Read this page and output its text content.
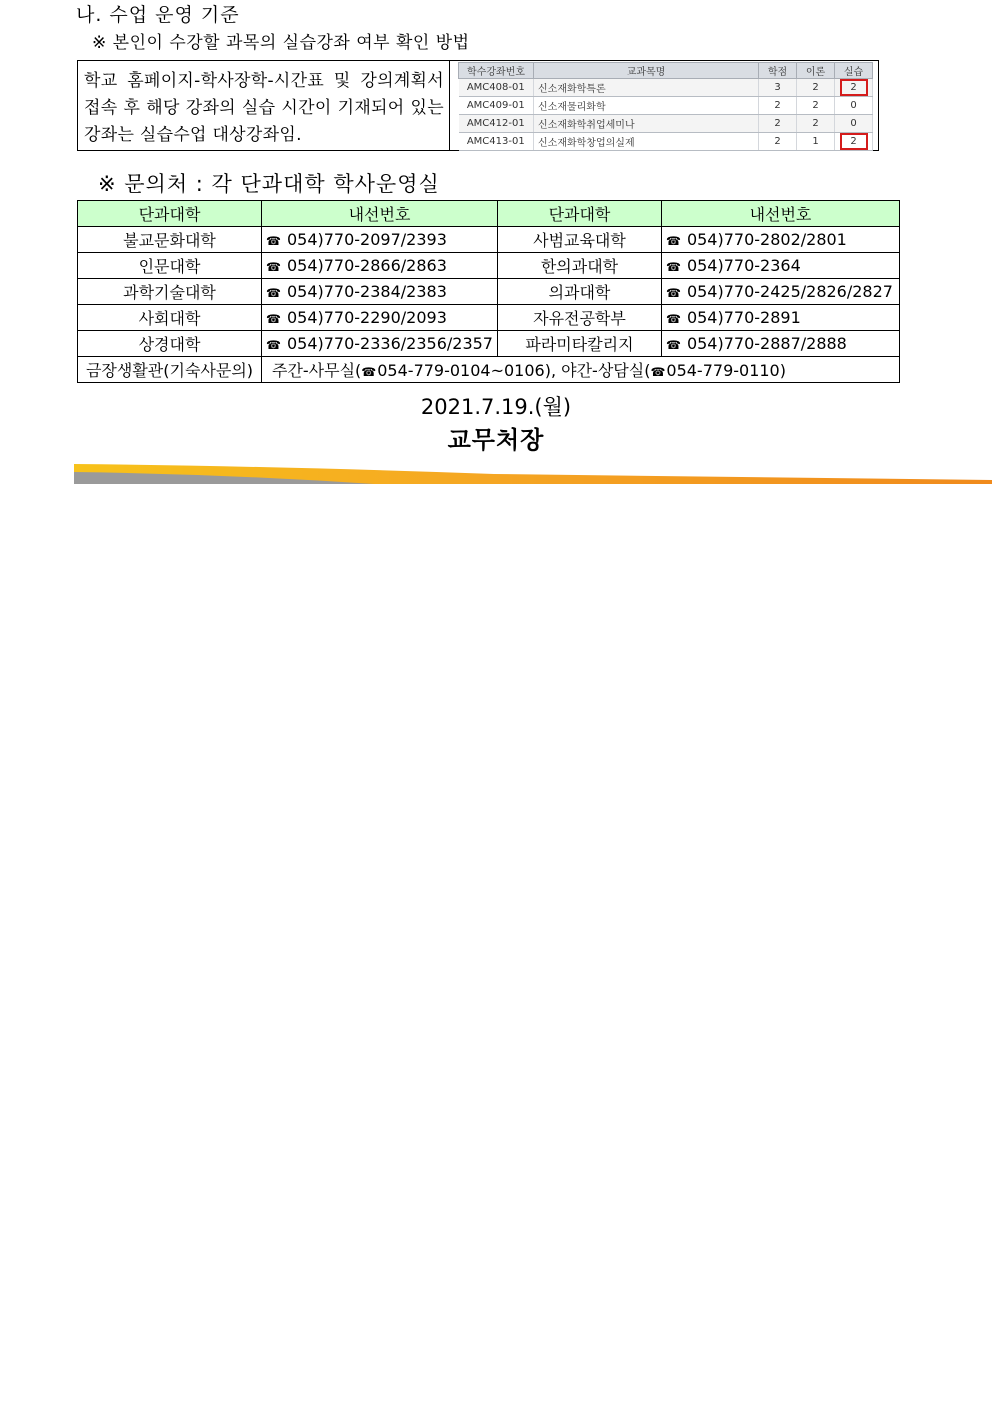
나. 수업 운영 기준
※ 본인이 수강할 과목의 실습강좌 여부 확인 방법
학교 홈페이지-학사장학-시간표 및 강의계획서 접속 후 해당 강좌의 실습 시간이 기재되어 있는 강좌는 실습수업 대상강좌임.
학수강좌번호	교과목명	학점	이론	실습
AMC408-01	신소재화학특론	3	2	2
AMC409-01	신소재물리화학	2	2	0
AMC412-01	신소재화학취업세미나	2	2	0
AMC413-01	신소재화학창업의실제	2	1	2
※ 문의처 : 각 단과대학 학사운영실
단과대학	내선번호	단과대학	내선번호
불교문화대학	☎ 054)770-2097/2393	사범교육대학	☎ 054)770-2802/2801
인문대학	☎ 054)770-2866/2863	한의과대학	☎ 054)770-2364
과학기술대학	☎ 054)770-2384/2383	의과대학	☎ 054)770-2425/2826/2827
사회대학	☎ 054)770-2290/2093	자유전공학부	☎ 054)770-2891
상경대학	☎ 054)770-2336/2356/2357	파라미타칼리지	☎ 054)770-2887/2888
금장생활관(기숙사문의)	주간-사무실(☎054-779-0104~0106), 야간-상담실(☎054-779-0110)		
2021.7.19.(월)
교무처장
